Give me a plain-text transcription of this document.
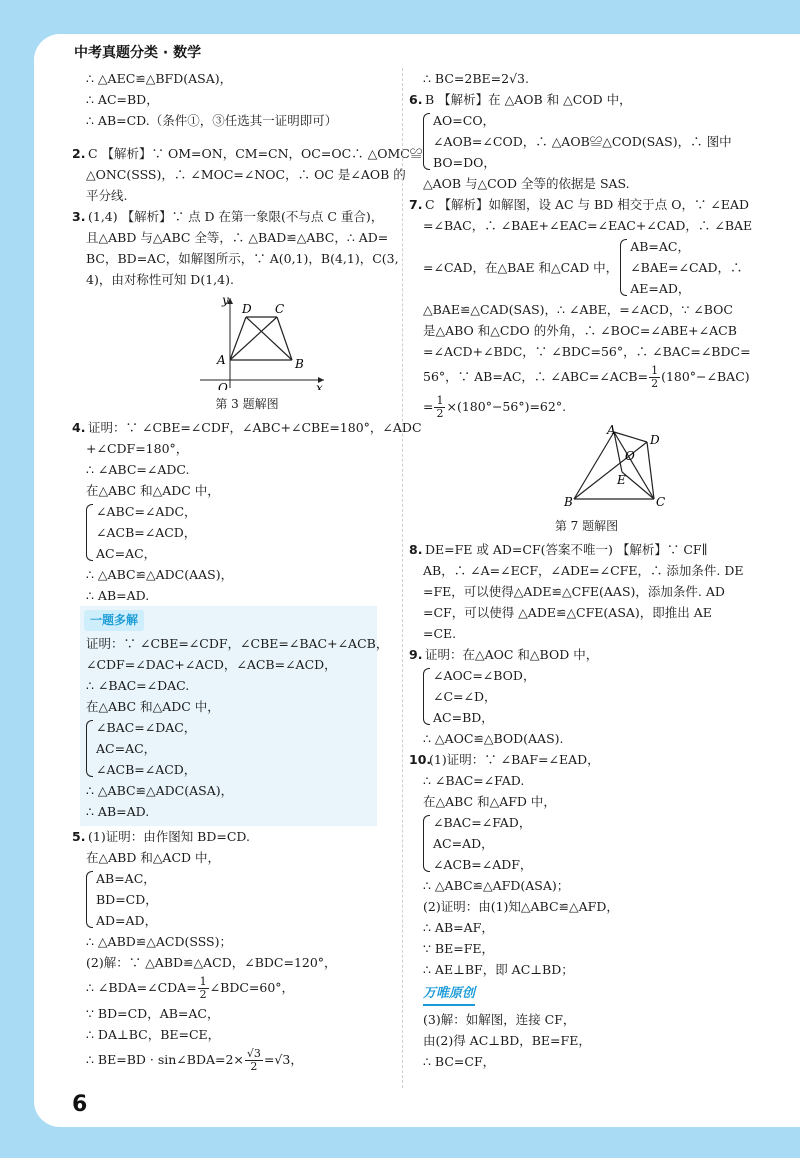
中考真题分类 · 数学

∴ △AEC≌△BFD(ASA)，

∴ AC=BD，

∴ AB=CD.（条件①，③任选其一证明即可）

2. C 【解析】∵ OM=ON，CM=CN，OC=OC∴ △OMC≌

△ONC(SSS)，∴ ∠MOC=∠NOC，∴ OC 是∠AOB 的

平分线.

3. (1,4) 【解析】∵ 点 D 在第一象限(不与点 C 重合)，

且△ABD 与△ABC 全等，∴ △BAD≌△ABC，∴ AD=

BC，BD=AC，如解图所示，∵ A(0,1)，B(4,1)，C(3,

4)，由对称性可知 D(1,4).

y
x
O
A	B
C
D
第 3 题解图

4. 证明：∵ ∠CBE=∠CDF，∠ABC+∠CBE=180°，∠ADC

+∠CDF=180°，

∴ ∠ABC=∠ADC.

在△ABC 和△ADC 中，

∠ABC=∠ADC，

∠ACB=∠ACD，

AC=AC，

∴ △ABC≌△ADC(AAS)，

∴ AB=AD.

一题多解

证明：∵ ∠CBE=∠CDF，∠CBE=∠BAC+∠ACB，

∠CDF=∠DAC+∠ACD，∠ACB=∠ACD，

∴ ∠BAC=∠DAC.

在△ABC 和△ADC 中，

∠BAC=∠DAC，

AC=AC，

∠ACB=∠ACD，

∴ △ABC≌△ADC(ASA)，

∴ AB=AD.

5. (1)证明：由作图知 BD=CD.

在△ABD 和△ACD 中，

AB=AC，

BD=CD，

AD=AD，

∴ △ABD≌△ACD(SSS)；

(2)解：∵ △ABD≌△ACD，∠BDC=120°，

∴ ∠BDA=∠CDA= $\frac{1}{2}$ ∠BDC=60°，

∵ BD=CD，AB=AC，

∴ DA⊥BC，BE=CE，

∴ BE=BD · sin∠BDA=2× $\frac{√3}{2} =√3$，

∴ BC=2BE=2√3.

6. B 【解析】在 △AOB 和 △COD 中，

AO=CO，

∠AOB=∠COD，∴ △AOB≌△COD(SAS)，∴ 图中

BO=DO，

△AOB 与△COD 全等的依据是 SAS.

7. C 【解析】如解图，设 AC 与 BD 相交于点 O，∵ ∠EAD

=∠BAC，∴ ∠BAE+∠EAC=∠EAC+∠CAD，∴ ∠BAE

=∠CAD，在△BAE 和△CAD 中，

AB=AC，

∠BAE=∠CAD，∴

AE=AD，

△BAE≌△CAD(SAS)，∴ ∠ABE，=∠ACD，∵ ∠BOC

是△ABO 和△CDO 的外角，∴ ∠BOC=∠ABE+∠ACB

=∠ACD+∠BDC，∵ ∠BDC=56°，∴ ∠BAC=∠BDC=

56°，∵ AB=AC，∴ ∠ABC=∠ACB= $\frac{1}{2}$ (180°−∠BAC)

= $\frac{1}{2} \times(180^\circ-56^\circ)=62^\circ$.

A
B	C
D
E
O
第 7 题解图

8. DE=FE 或 AD=CF(答案不唯一) 【解析】∵ CF∥

AB，∴ ∠A=∠ECF，∠ADE=∠CFE，∴ 添加条件. DE

=FE，可以使得△ADE≌△CFE(AAS)，添加条件. AD

=CF，可以使得 △ADE≌△CFE(ASA)，即推出 AE

=CE.

9. 证明：在△AOC 和△BOD 中，

∠AOC=∠BOD，

∠C=∠D，

AC=BD，

∴ △AOC≌△BOD(AAS).

10.(1)证明：∵ ∠BAF=∠EAD，

∴ ∠BAC=∠FAD.

在△ABC 和△AFD 中，

∠BAC=∠FAD，

AC=AD，

∠ACB=∠ADF，

∴ △ABC≌△AFD(ASA)；

(2)证明：由(1)知△ABC≌△AFD，

∴ AB=AF，

∵ BE=FE，

∴ AE⊥BF，即 AC⊥BD；

万唯原创

(3)解：如解图，连接 CF，

由(2)得 AC⊥BD，BE=FE，

∴ BC=CF，

6
